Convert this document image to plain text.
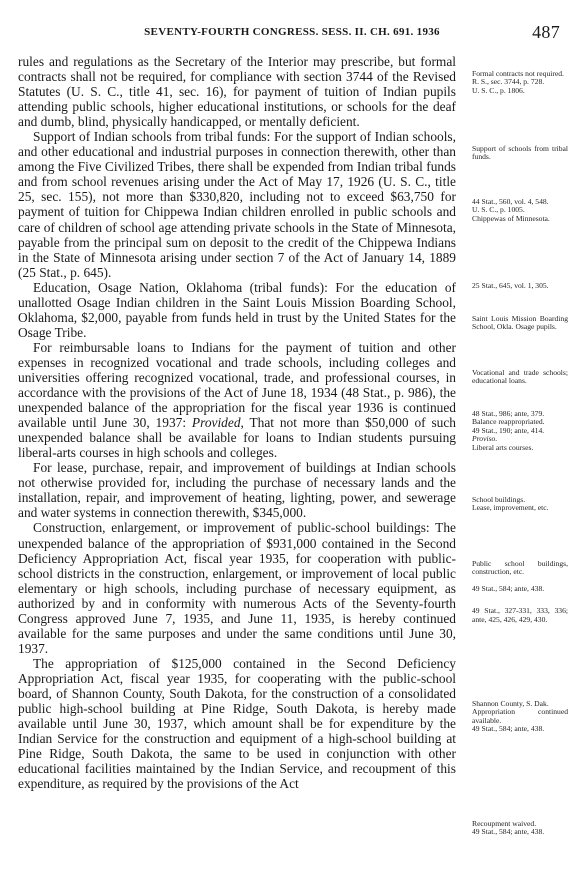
SEVENTY-FOURTH CONGRESS. SESS. II. CH. 691. 1936	487

rules and regulations as the Secretary of the Interior may prescribe, but formal contracts shall not be required, for compliance with section 3744 of the Revised Statutes (U. S. C., title 41, sec. 16), for payment of tuition of Indian pupils attending public schools, higher educational institutions, or schools for the deaf and dumb, blind, physically handicapped, or mentally deficient.

Support of Indian schools from tribal funds: For the support of Indian schools, and other educational and industrial purposes in connection therewith, other than among the Five Civilized Tribes, there shall be expended from Indian tribal funds and from school revenues arising under the Act of May 17, 1926 (U. S. C., title 25, sec. 155), not more than $330,820, including not to exceed $63,750 for payment of tuition for Chippewa Indian children enrolled in public schools and care of children of school age attending private schools in the State of Minnesota, payable from the principal sum on deposit to the credit of the Chippewa Indians in the State of Minnesota arising under section 7 of the Act of January 14, 1889 (25 Stat., p. 645).

Education, Osage Nation, Oklahoma (tribal funds): For the education of unallotted Osage Indian children in the Saint Louis Mission Boarding School, Oklahoma, $2,000, payable from funds held in trust by the United States for the Osage Tribe.

For reimbursable loans to Indians for the payment of tuition and other expenses in recognized vocational and trade schools, including colleges and universities offering recognized vocational, trade, and professional courses, in accordance with the provisions of the Act of June 18, 1934 (48 Stat., p. 986), the unexpended balance of the appropriation for the fiscal year 1936 is continued available until June 30, 1937: Provided, That not more than $50,000 of such unexpended balance shall be available for loans to Indian students pursuing liberal-arts courses in high schools and colleges.

For lease, purchase, repair, and improvement of buildings at Indian schools not otherwise provided for, including the purchase of necessary lands and the installation, repair, and improvement of heating, lighting, power, and sewerage and water systems in connection therewith, $345,000.

Construction, enlargement, or improvement of public-school buildings: The unexpended balance of the appropriation of $931,000 contained in the Second Deficiency Appropriation Act, fiscal year 1935, for cooperation with public-school districts in the construction, enlargement, or improvement of local public elementary or high schools, including purchase of necessary equipment, as authorized by and in conformity with numerous Acts of the Seventy-fourth Congress approved June 7, 1935, and June 11, 1935, is hereby continued available for the same purposes and under the same conditions until June 30, 1937.

The appropriation of $125,000 contained in the Second Deficiency Appropriation Act, fiscal year 1935, for cooperating with the public-school board, of Shannon County, South Dakota, for the construction of a consolidated public high-school building at Pine Ridge, South Dakota, is hereby made available until June 30, 1937, which amount shall be for expenditure by the Indian Service for the construction and equipment of a high-school building at Pine Ridge, South Dakota, the same to be used in conjunction with other educational facilities maintained by the Indian Service, and recoupment of this expenditure, as required by the provisions of the Act

Formal contracts not required.

R. S., sec. 3744, p. 728.

U. S. C., p. 1806.

Support of schools from tribal funds.

44 Stat., 560, vol. 4, 548.

U. S. C., p. 1005.

Chippewas of Minnesota.

25 Stat., 645, vol. 1, 305.

Saint Louis Mission Boarding School, Okla. Osage pupils.

Vocational and trade schools; educational loans.

48 Stat., 986; ante, 379.

Balance reappropriated.

49 Stat., 190; ante, 414.

Proviso.

Liberal arts courses.

School buildings.

Lease, improvement, etc.

Public school buildings, construction, etc.

49 Stat., 584; ante, 438.

49 Stat., 327-331, 333, 336; ante, 425, 426, 429, 430.

Shannon County, S. Dak.

Appropriation continued available.

49 Stat., 584; ante, 438.

Recoupment waived.

49 Stat., 584; ante, 438.
